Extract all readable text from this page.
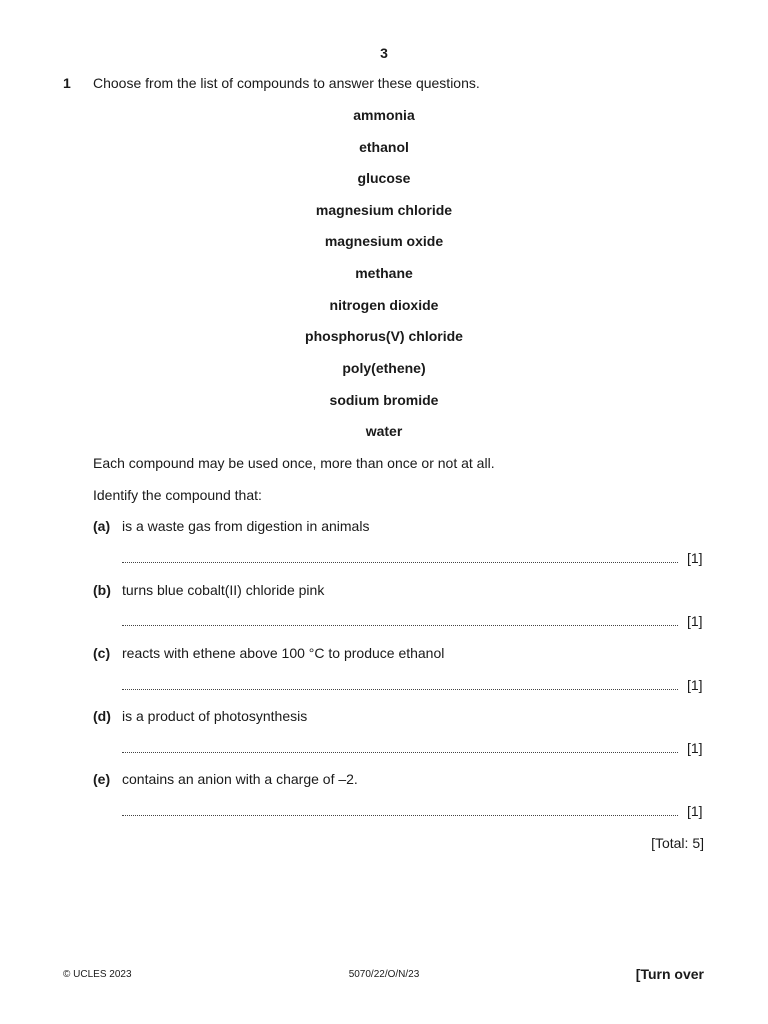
3
1 Choose from the list of compounds to answer these questions.
ammonia
ethanol
glucose
magnesium chloride
magnesium oxide
methane
nitrogen dioxide
phosphorus(V) chloride
poly(ethene)
sodium bromide
water
Each compound may be used once, more than once or not at all.
Identify the compound that:
(a) is a waste gas from digestion in animals
[1]
(b) turns blue cobalt(II) chloride pink
[1]
(c) reacts with ethene above 100 °C to produce ethanol
[1]
(d) is a product of photosynthesis
[1]
(e) contains an anion with a charge of –2.
[1]
[Total: 5]
© UCLES 2023	5070/22/O/N/23	[Turn over
